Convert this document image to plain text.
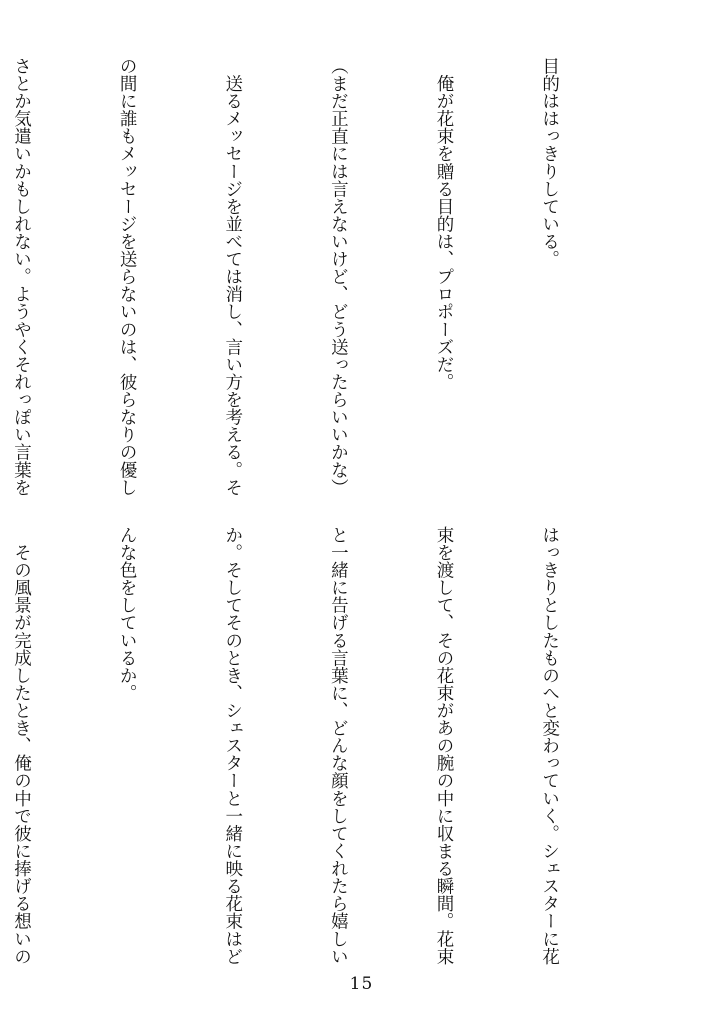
目的ははっきりしている。

　俺が花束を贈る目的は、プロポーズだ。

（まだ正直には言えないけど、どう送ったらいいかな）

　送るメッセージを並べては消し、言い方を考える。そ

の間に誰もメッセージを送らないのは、彼らなりの優し

さとか気遣いかもしれない。ようやくそれっぽい言葉を

はっきりとしたものへと変わっていく。シェスターに花

束を渡して、その花束があの腕の中に収まる瞬間。花束

と一緒に告げる言葉に、どんな顔をしてくれたら嬉しい

か。そしてそのとき、シェスターと一緒に映る花束はど

んな色をしているか。

　その風景が完成したとき、俺の中で彼に捧げる想いの

15
